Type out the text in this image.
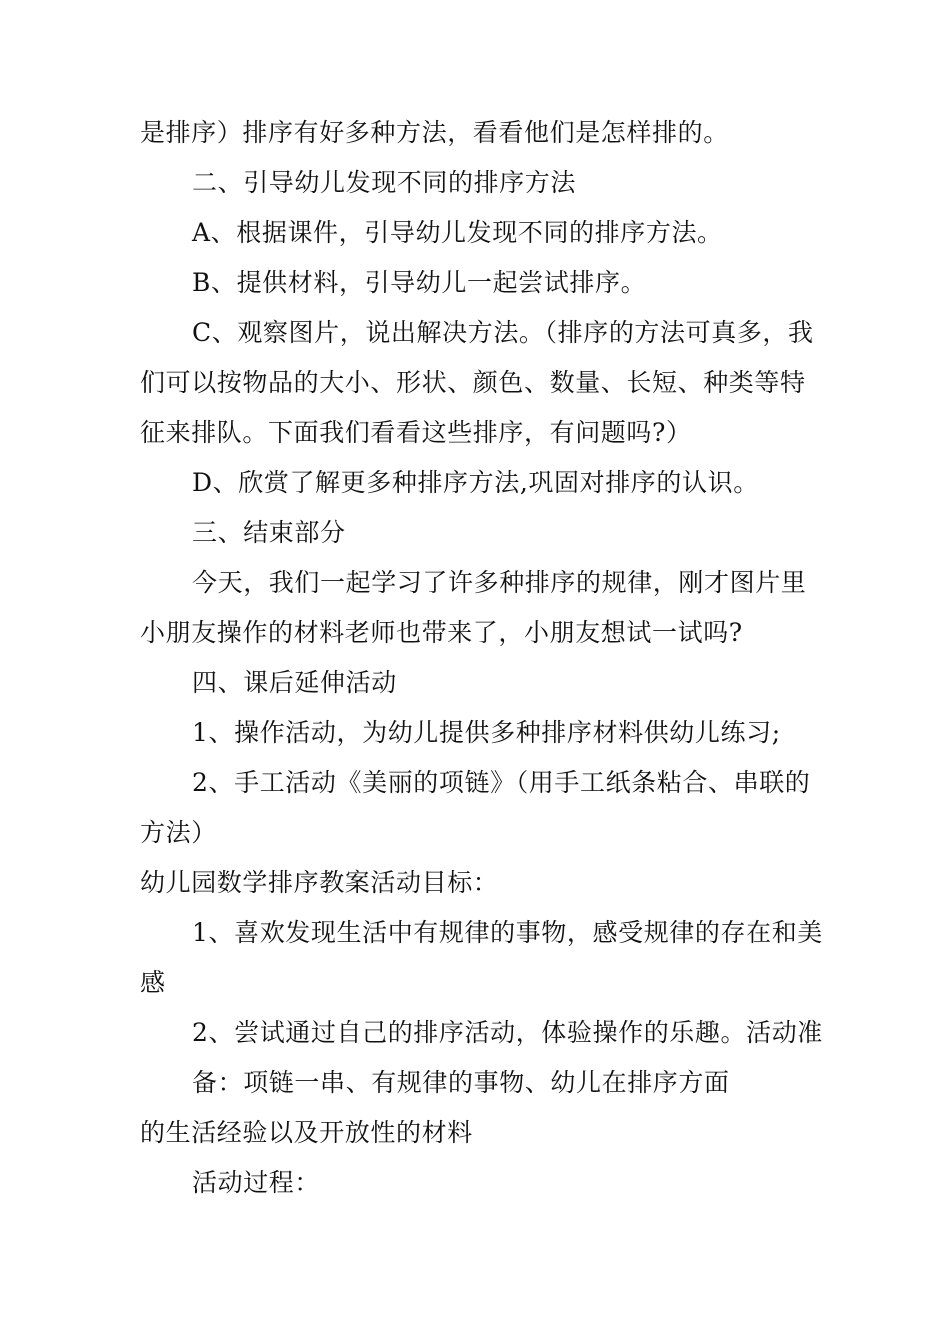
是排序）排序有好多种方法，看看他们是怎样排的。
二、引导幼儿发现不同的排序方法
A、根据课件，引导幼儿发现不同的排序方法。
B、提供材料，引导幼儿一起尝试排序。
C、观察图片，说出解决方法。（排序的方法可真多，我
们可以按物品的大小、形状、颜色、数量、长短、种类等特
征来排队。下面我们看看这些排序，有问题吗?）
D、欣赏了解更多种排序方法,巩固对排序的认识。
三、结束部分
今天，我们一起学习了许多种排序的规律，刚才图片里
小朋友操作的材料老师也带来了，小朋友想试一试吗?
四、课后延伸活动
1、操作活动，为幼儿提供多种排序材料供幼儿练习;
2、手工活动《美丽的项链》（用手工纸条粘合、串联的
方法）
幼儿园数学排序教案活动目标：
1、喜欢发现生活中有规律的事物，感受规律的存在和美
感
2、尝试通过自己的排序活动，体验操作的乐趣。活动准
备：项链一串、有规律的事物、幼儿在排序方面
的生活经验以及开放性的材料
活动过程：
